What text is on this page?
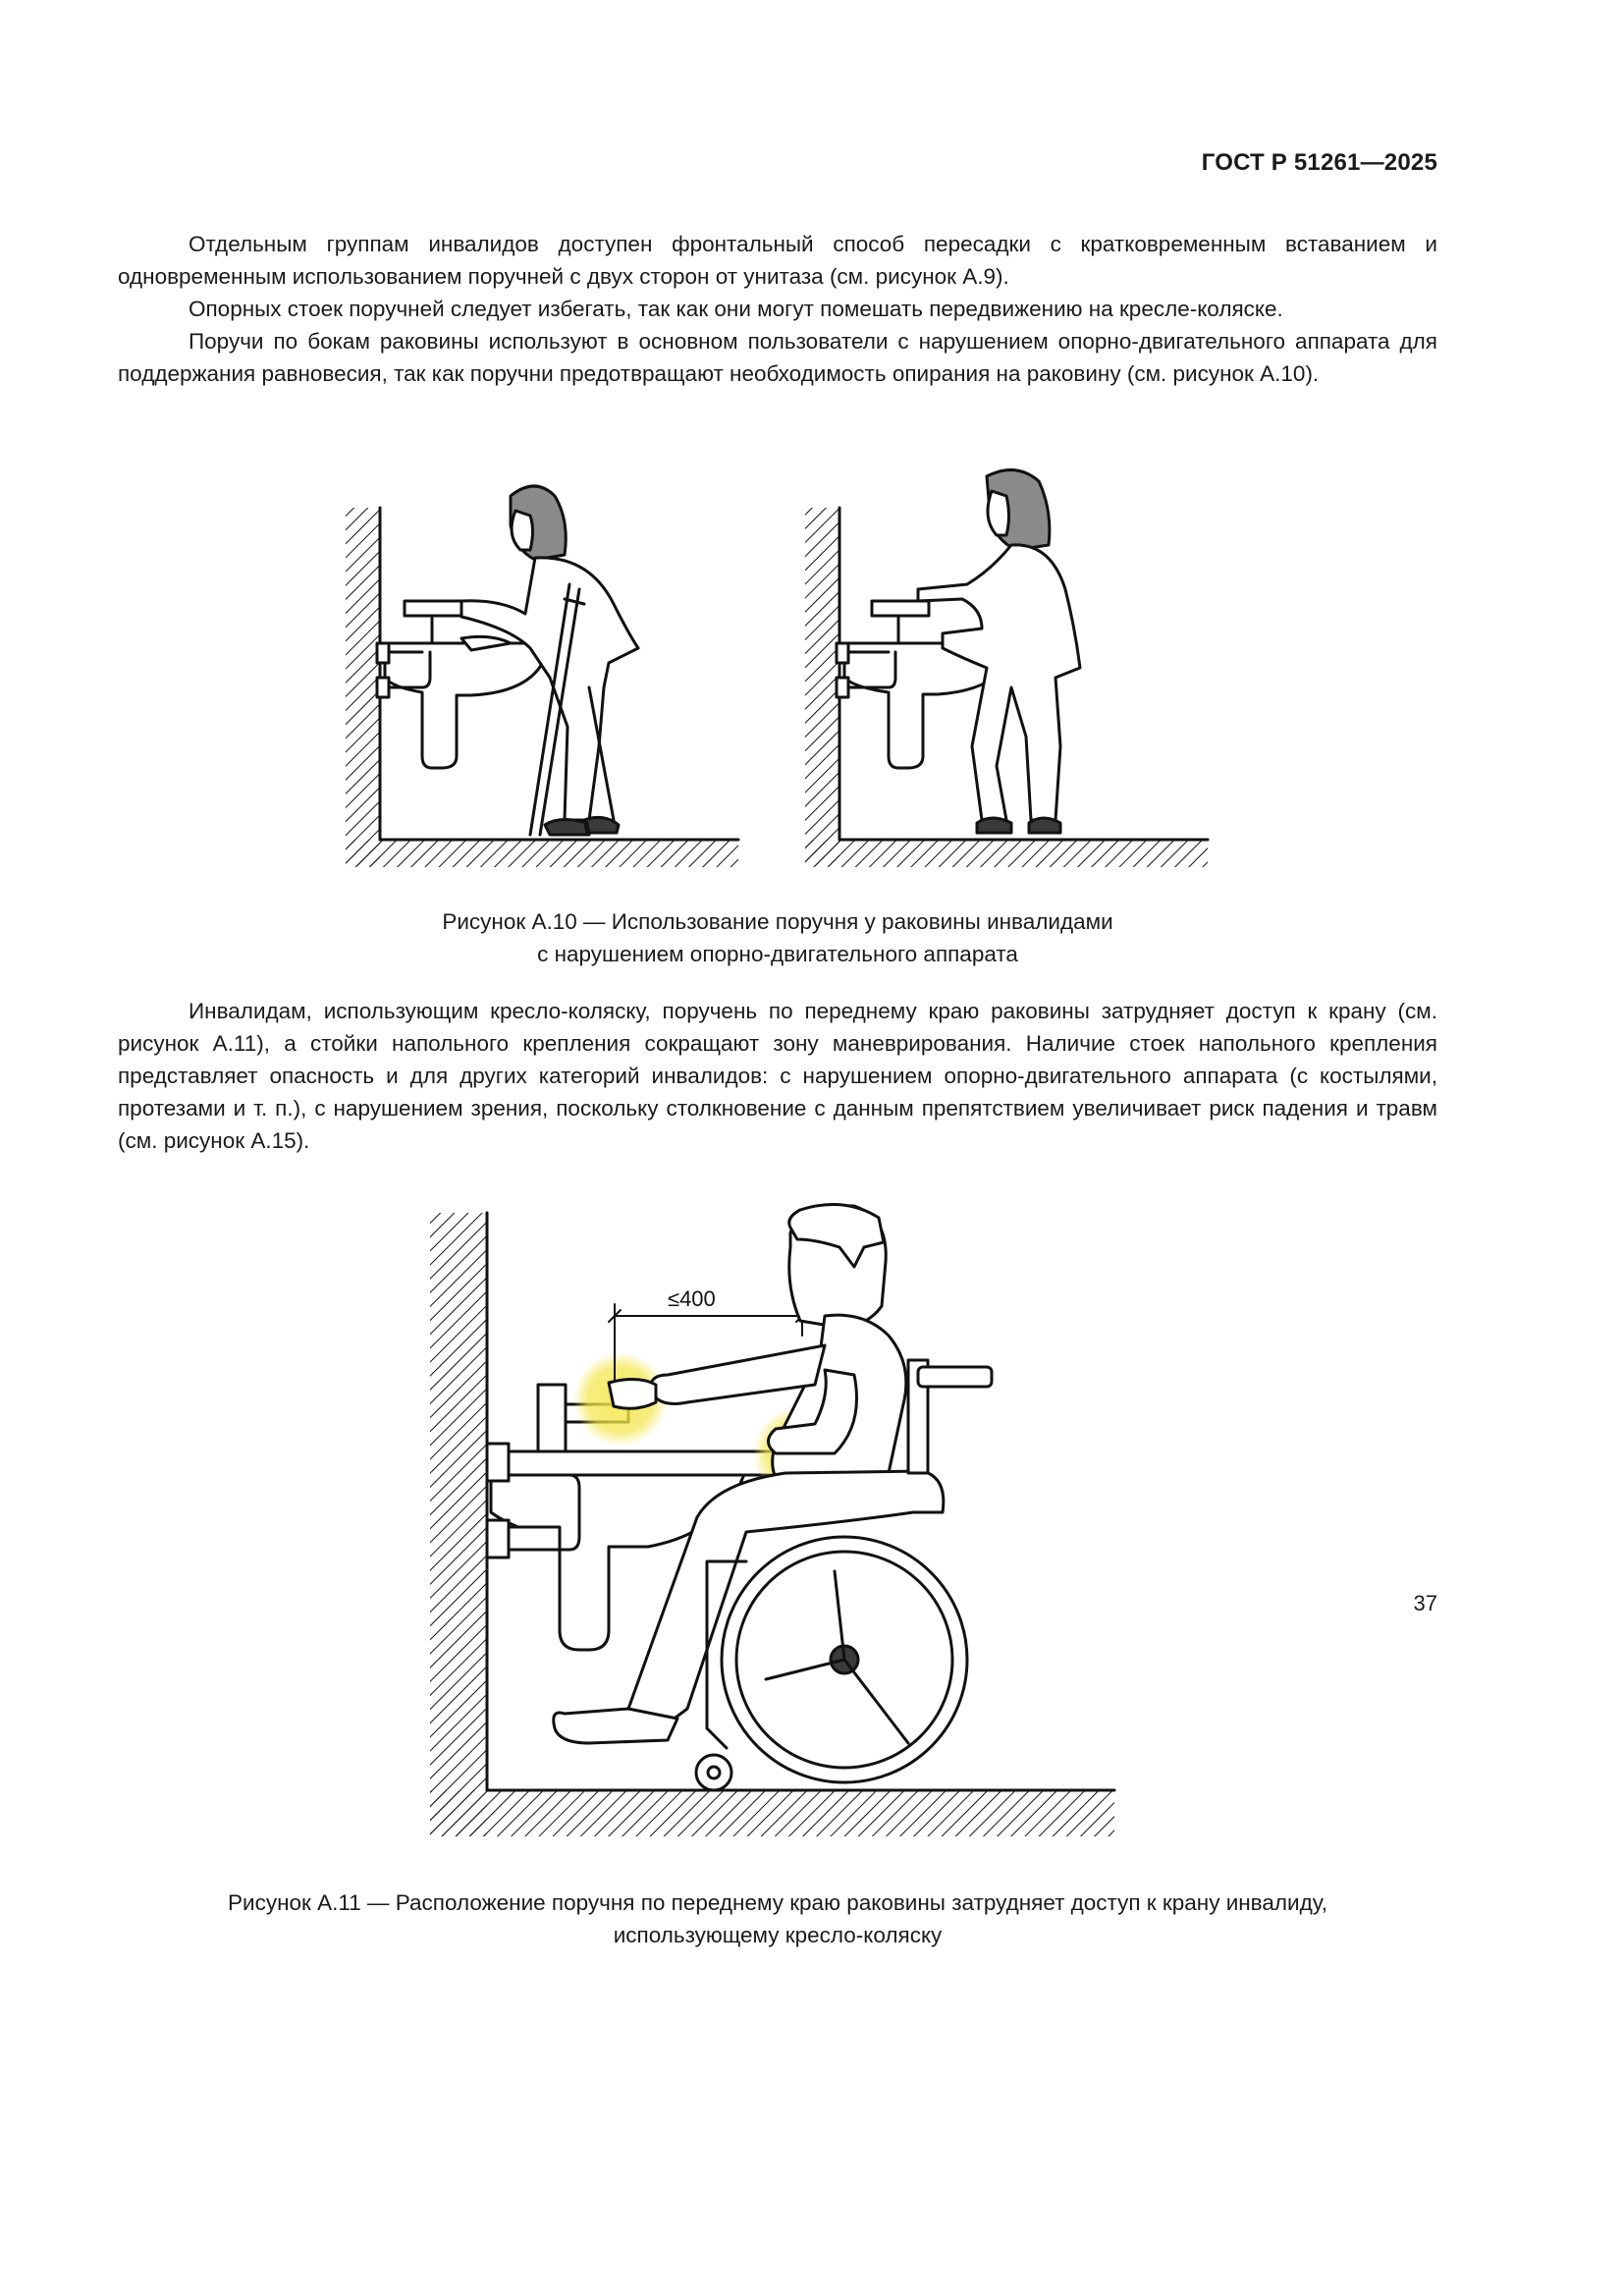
ГОСТ Р 51261—2025

Отдельным группам инвалидов доступен фронтальный способ пересадки с кратковременным вставанием и одновременным использованием поручней с двух сторон от унитаза (см. рисунок А.9).

Опорных стоек поручней следует избегать, так как они могут помешать передвижению на кресле-коляске.

Поручи по бокам раковины используют в основном пользователи с нарушением опорно-двигательного аппарата для поддержания равновесия, так как поручни предотвращают необходимость опирания на раковину (см. рисунок А.10).

≤400
Рисунок А.10 — Использование поручня у раковины инвалидами
с нарушением опорно-двигательного аппарата

Инвалидам, использующим кресло-коляску, поручень по переднему краю раковины затрудняет доступ к крану (см. рисунок А.11), а стойки напольного крепления сокращают зону маневрирования. Наличие стоек напольного крепления представляет опасность и для других категорий инвалидов: с нарушением опорно-двигательного аппарата (с костылями, протезами и т. п.), с нарушением зрения, поскольку столкновение с данным препятствием увеличивает риск падения и травм (см. рисунок А.15).

Рисунок А.11 — Расположение поручня по переднему краю раковины затрудняет доступ к крану инвалиду,
использующему кресло-коляску
37
